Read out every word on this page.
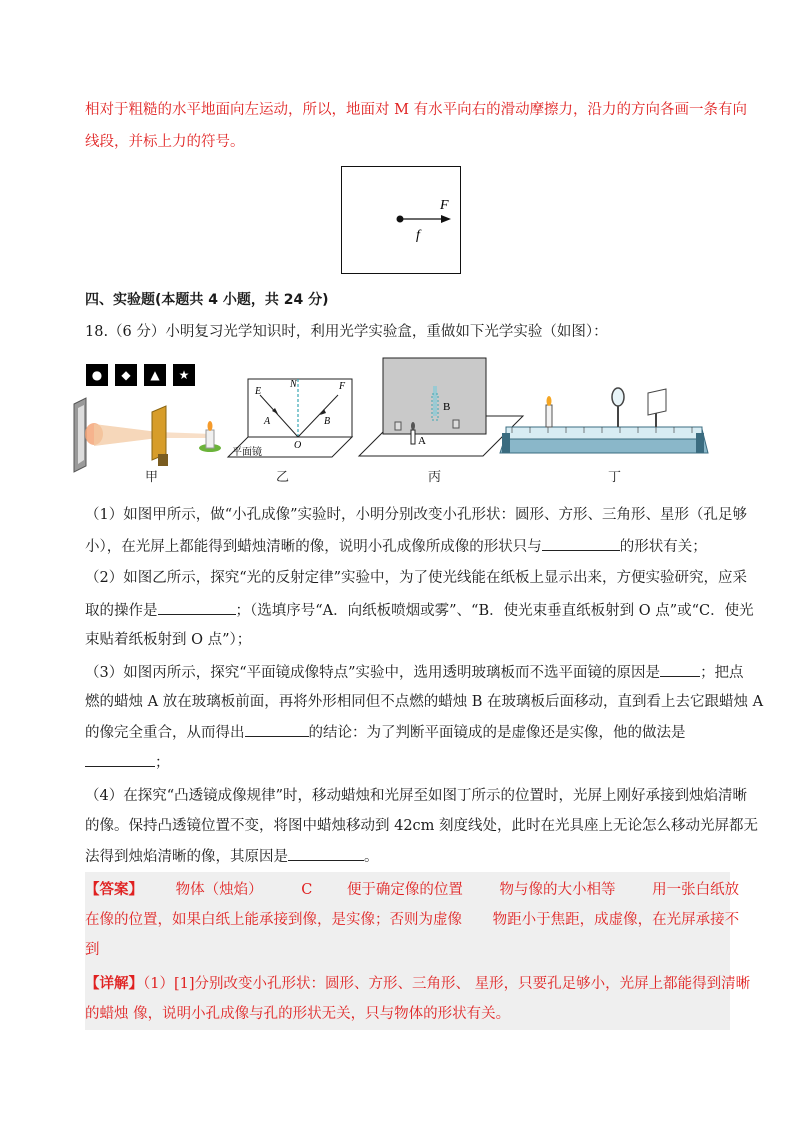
相对于粗糙的水平地面向左运动，所以，地面对 M 有水平向右的滑动摩擦力，沿力的方向各画一条有向
线段，并标上力的符号。
F
f
四、实验题(本题共 4 小题，共 24 分)
18.（6 分）小明复习光学知识时，利用光学实验盒，重做如下光学实验（如图）：
●	◆	▲	★
甲
E
N	F
A	B
O
平面镜
乙
A
B
丙	丁
（1）如图甲所示，做“小孔成像”实验时，小明分别改变小孔形状：圆形、方形、三角形、星形（孔足够
小），在光屏上都能得到蜡烛清晰的像，说明小孔成像所成像的形状只与	的形状有关；
（2）如图乙所示，探究“光的反射定律”实验中，为了使光线能在纸板上显示出来，方便实验研究，应采
取的操作是	；（选填序号“A．向纸板喷烟或雾”、“B．使光束垂直纸板射到 O 点”或“C．使光
束贴着纸板射到 O 点”）；
（3）如图丙所示，探究“平面镜成像特点”实验中，选用透明玻璃板而不选平面镜的原因是	；把点
燃的蜡烛 A 放在玻璃板前面，再将外形相同但不点燃的蜡烛 B 在玻璃板后面移动，直到看上去它跟蜡烛 A
的像完全重合，从而得出	的结论：为了判断平面镜成的是虚像还是实像，他的做法是
；
（4）在探究“凸透镜成像规律”时，移动蜡烛和光屏至如图丁所示的位置时，光屏上刚好承接到烛焰清晰
的像。保持凸透镜位置不变，将图中蜡烛移动到 42cm 刻度线处，此时在光具座上无论怎么移动光屏都无
法得到烛焰清晰的像，其原因是	。
【答案】 物体（烛焰）	C 便于确定像的位置	物与像的大小相等	用一张白纸放
在像的位置，如果白纸上能承接到像，是实像；否则为虚像 物距小于焦距，成虚像，在光屏承接不
到
【详解】（1）[1]分别改变小孔形状：圆形、方形、三角形、 星形，只要孔足够小，光屏上都能得到清晰
的蜡烛 像，说明小孔成像与孔的形状无关，只与物体的形状有关。
